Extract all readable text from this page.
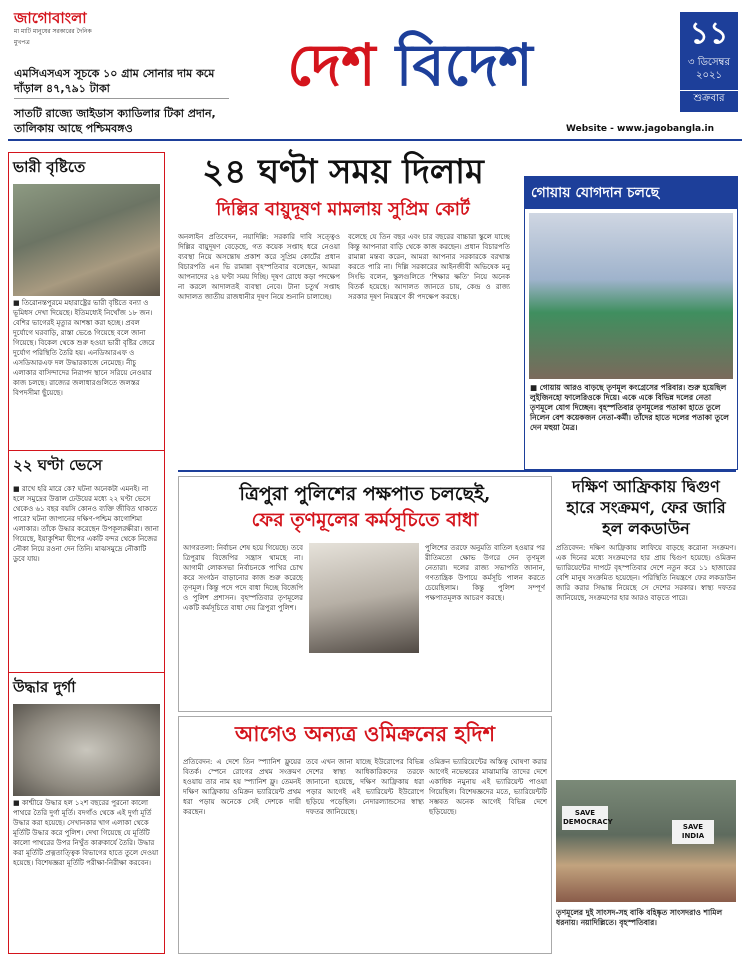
জাগোবাংলা
মা মাটি মানুষের সরকারের দৈনিক মুখপত্র
এমসিএসএস সূচকে ১০ গ্রাম সোনার দাম কমে দাঁড়াল ৪৭,৭৯১ টাকা
সাতটি রাজ্যে জাইডাস ক্যাডিলার টিকা প্রদান, তালিকায় আছে পশ্চিমবঙ্গও
দেশ বিদেশ	১১
৩ ডিসেম্বর ২০২১
শুক্রবার
Website - www.jagobangla.in
ভারী বৃষ্টিতে
■ তিরোনন্তপুরমে মহারাষ্ট্রের ভারী বৃষ্টিতে বন্যা ও ভূমিধস দেখা দিয়েছে। ইতিমধ্যেই নিখোঁজ ১৮ জন। বেশির ভাগেরই মৃত্যুর আশঙ্কা করা হচ্ছে। প্রবল দুর্যোগে ঘরবাড়ি, রাস্তা ভেঙে গিয়েছে বলে জানা গিয়েছে। বিকেল থেকে শুরু হওয়া ভারী বৃষ্টির জেরে দুর্যোগ পরিস্থিতি তৈরি হয়। এনডিআরএফ ও এসডিআরএফ দল উদ্ধারকাজে নেমেছে। নীচু এলাকার বাসিন্দাদের নিরাপদ স্থানে সরিয়ে নেওয়ার কাজ চলছে। রাজ্যের জলাধারগুলিতে জলস্তর বিপদসীমা ছুঁয়েছে।
২২ ঘণ্টা ভেসে
■ রাখে হরি মারে কে? ঘটনা অনেকটা এমনই। না হলে সমুদ্রের উত্তাল ঢেউয়ের মধ্যে ২২ ঘণ্টা ভেসে থেকেও ৬১ বছর বয়সি কোনও ব্যক্তি জীবিত থাকতে পারে? ঘটনা জাপানের দক্ষিণ-পশ্চিম কাগোশিমা এলাকার। তাঁকে উদ্ধার করেছেন উপকূলরক্ষীরা। জানা গিয়েছে, ইয়াকুশিমা দ্বীপের একটি বন্দর থেকে নিজের নৌকা নিয়ে রওনা দেন তিনি। মাঝসমুদ্রে নৌকাটি ডুবে যায়।
উদ্ধার দুর্গা
■ কাশ্মীরে উদ্ধার হল ১২শ বছরের পুরনো কালো পাথরে তৈরি দুর্গা মূর্তি। বদগাঁও থেকে এই দুর্গা মূর্তি উদ্ধার করা হয়েছে। সেখানকার খাগ এলাকা থেকে মূর্তিটি উদ্ধার করে পুলিশ। দেখা গিয়েছে যে মূর্তিটি কালো পাথরের উপর নিখুঁত কারুকার্যে তৈরি। উদ্ধার করা মূর্তিটি প্রত্নতাত্ত্বিক বিভাগের হাতে তুলে দেওয়া হয়েছে। বিশেষজ্ঞরা মূর্তিটি পরীক্ষা-নিরীক্ষা করবেন।
২৪ ঘণ্টা সময় দিলাম
দিল্লির বায়ুদূষণ মামলায় সুপ্রিম কোর্ট
অনলাইন প্রতিবেদন, নয়াদিল্লি: সরকারি দাবি সত্ত্বেও দিল্লির বায়ুদূষণ বেড়েছে, গত কয়েক সপ্তাহ ধরে নেওয়া ব্যবস্থা নিয়ে অসন্তোষ প্রকাশ করে সুপ্রিম কোর্টের প্রধান বিচারপতি এন ভি রামান্না বৃহস্পতিবার বলেছেন, আমরা আপনাদের ২৪ ঘণ্টা সময় দিচ্ছি। দূষণ রোধে কড়া পদক্ষেপ না করলে আদালতই ব্যবস্থা নেবে। টানা চতুর্থ সপ্তাহ আদালত জাতীয় রাজধানীর দূষণ নিয়ে শুনানি চালাচ্ছে।
বলেছে যে তিন বছর এবং চার বছরের বাচ্চারা স্কুলে যাচ্ছে কিন্তু আপনারা বাড়ি থেকে কাজ করছেন। প্রধান বিচারপতি রামান্না মন্তব্য করেন, আমরা আপনার সরকারকে বরখাস্ত করতে পারি না। দিল্লি সরকারের আইনজীবী অভিষেক মনু সিংভি বলেন, স্কুলগুলিতে 'শিক্ষার ক্ষতি' নিয়ে অনেক বিতর্ক হয়েছে। আদালত জানতে চায়, কেন্দ্র ও রাজ্য সরকার দূষণ নিয়ন্ত্রণে কী পদক্ষেপ করছে।
গোয়ায় যোগদান চলছে
■ গোয়ায় আরও বাড়ছে তৃণমূল কংগ্রেসের পরিবার। শুরু হয়েছিল লুইজিনহো ফালেরিওকে দিয়ে। একে একে বিভিন্ন দলের নেতা তৃণমূলে যোগ দিচ্ছেন। বৃহস্পতিবার তৃণমূলের পতাকা হাতে তুলে নিলেন বেশ কয়েকজন নেতা-কর্মী। তাঁদের হাতে দলের পতাকা তুলে দেন মহুয়া মৈত্র।
ত্রিপুরা পুলিশের পক্ষপাত চলছেই,
ফের তৃণমূলের কর্মসূচিতে বাধা
আগরতলা: নির্বাচন শেষ হয়ে গিয়েছে। তবে ত্রিপুরায় বিজেপির সন্ত্রাস থামছে না। আগামী লোকসভা নির্বাচনকে পাখির চোখ করে সংগঠন বাড়ানোর কাজ শুরু করেছে তৃণমূল। কিন্তু পদে পদে বাধা দিচ্ছে বিজেপি ও পুলিশ প্রশাসন। বৃহস্পতিবার তৃণমূলের একটি কর্মসূচিতে বাধা দেয় ত্রিপুরা পুলিশ।
পুলিশের তরফে অনুমতি বাতিল হওয়ার পর রীতিমতো ক্ষোভ উগরে দেন তৃণমূল নেতারা। দলের রাজ্য সভাপতি জানান, গণতান্ত্রিক উপায়ে কর্মসূচি পালন করতে চেয়েছিলাম। কিন্তু পুলিশ সম্পূর্ণ পক্ষপাতমূলক আচরণ করছে।
দক্ষিণ আফ্রিকায় দ্বিগুণ হারে সংক্রমণ, ফের জারি হল লকডাউন
প্রতিবেদন: দক্ষিণ আফ্রিকায় লাফিয়ে বাড়ছে করোনা সংক্রমণ। এক দিনের মধ্যে সংক্রমণের হার প্রায় দ্বিগুণ হয়েছে। ওমিক্রন ভ্যারিয়েন্টের দাপটে বৃহস্পতিবার দেশে নতুন করে ১১ হাজারের বেশি মানুষ সংক্রমিত হয়েছেন। পরিস্থিতি নিয়ন্ত্রণে ফের লকডাউন জারি করার সিদ্ধান্ত নিয়েছে সে দেশের সরকার। স্বাস্থ্য দফতর জানিয়েছে, সংক্রমণের হার আরও বাড়তে পারে।
আগেও অন্যত্র ওমিক্রনের হদিশ
প্রতিবেদন: এ দেশে তিন স্প্যানিশ ফ্লুয়ের বিতর্ক। স্পেনে রোগের প্রথম সংক্রমণ হওয়ায় তার নাম হয় স্প্যানিশ ফ্লু। তেমনই দক্ষিণ আফ্রিকায় ওমিক্রন ভ্যারিয়েন্ট প্রথম ধরা পড়ায় অনেকে সেই দেশকে দায়ী করছেন।
তবে এখন জানা যাচ্ছে ইউরোপের বিভিন্ন দেশের স্বাস্থ্য আধিকারিকদের তরফে জানানো হয়েছে, দক্ষিণ আফ্রিকায় ধরা পড়ার আগেই এই ভ্যারিয়েন্ট ইউরোপে ছড়িয়ে পড়েছিল। নেদারল্যান্ডসের স্বাস্থ্য দফতর জানিয়েছে।
ওমিক্রন ভ্যারিয়েন্টের অস্তিত্ব ঘোষণা করার আগেই নভেম্বরের মাঝামাঝি তাদের দেশে একাধিক নমুনায় এই ভ্যারিয়েন্ট পাওয়া গিয়েছিল। বিশেষজ্ঞদের মতে, ভ্যারিয়েন্টটি সম্ভবত অনেক আগেই বিভিন্ন দেশে ছড়িয়েছে।	SAVE DEMOCRACY
SAVE INDIA
তৃণমূলের দুই সাংসদ-সহ বাকি বহিষ্কৃত সাংসদরাও শামিল ধরনায়। নয়াদিল্লিতে। বৃহস্পতিবার।
